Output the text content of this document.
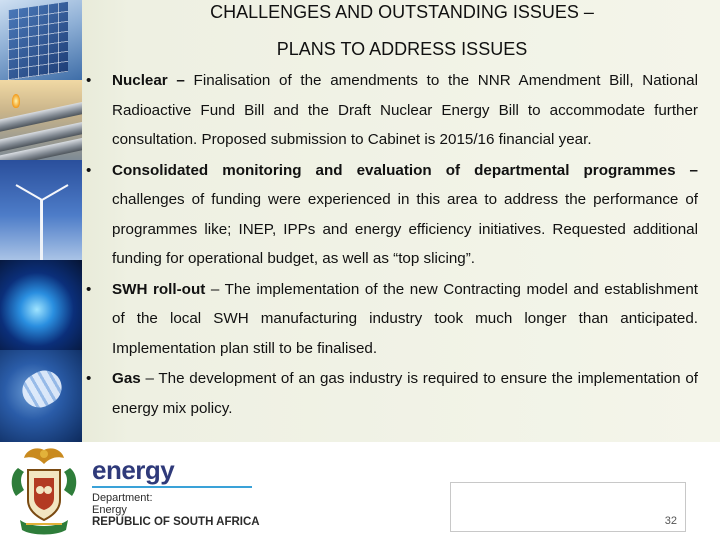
CHALLENGES AND OUTSTANDING ISSUES –
PLANS TO ADDRESS ISSUES
•	Nuclear – Finalisation of the amendments to the NNR Amendment Bill, National Radioactive Fund Bill and the Draft Nuclear Energy Bill to accommodate further consultation. Proposed submission to Cabinet is 2015/16 financial year.
•	Consolidated monitoring and evaluation of departmental programmes – challenges of funding were experienced in this area to address the performance of programmes like; INEP, IPPs and energy efficiency initiatives. Requested additional funding for operational budget, as well as “top slicing”.
•	SWH roll-out – The implementation of the new Contracting model and establishment of the local SWH manufacturing industry took much longer than anticipated. Implementation plan still to be finalised.
•	Gas – The development of an gas industry is required to ensure the implementation of energy mix policy.
energy
Department:
Energy
REPUBLIC OF SOUTH AFRICA	32
